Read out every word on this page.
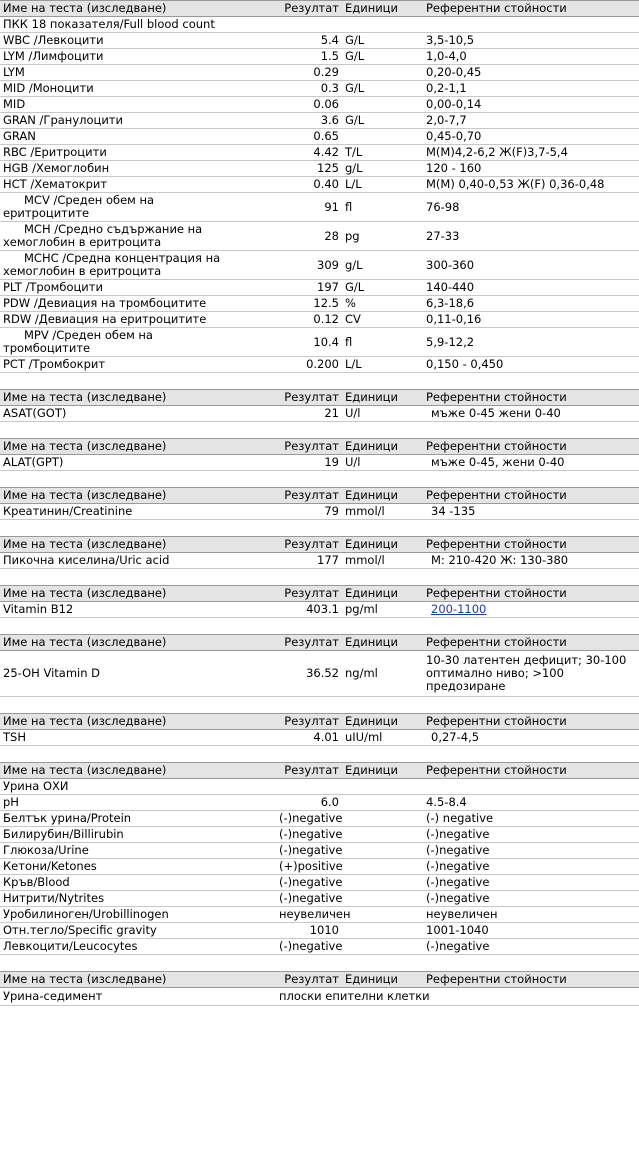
Име на теста (изследване)	Резултат	Единици	Референтни стойности
ПКК 18 показателя/Full blood count			
WBC /Левкоцити	5.4	G/L	3,5-10,5
LYM /Лимфоцити	1.5	G/L	1,0-4,0
LYM	0.29		0,20-0,45
MID /Моноцити	0.3	G/L	0,2-1,1
MID	0.06		0,00-0,14
GRAN /Гранулоцити	3.6	G/L	2,0-7,7
GRAN	0.65		0,45-0,70
RBC /Еритроцити	4.42	T/L	М(M)4,2-6,2 Ж(F)3,7-5,4
HGB /Хемоглобин	125	g/L	120 - 160
HCT /Хематокрит	0.40	L/L	М(M) 0,40-0,53 Ж(F) 0,36-0,48

MCV /Среден обем на
еритроцитите	91	fl	76-98

MCH /Средно съдържание на
хемоглобин в еритроцита	28	pg	27-33

MCHC /Средна концентрация на
хемоглобин в еритроцита	309	g/L	300-360
PLT /Тромбоцити	197	G/L	140-440
PDW /Девиация на тромбоцитите	12.5	%	6,3-18,6
RDW /Девиация на еритроцитите	0.12	CV	0,11-0,16

MPV /Среден обем на
тромбоцитите	10.4	fl	5,9-12,2
PCT /Тромбокрит	0.200	L/L	0,150 - 0,450
Име на теста (изследване)	Резултат	Единици	Референтни стойности
ASAT(GOT)	21	U/l	мъже 0-45 жени 0-40
Име на теста (изследване)	Резултат	Единици	Референтни стойности
ALAT(GPT)	19	U/l	мъже 0-45, жени 0-40
Име на теста (изследване)	Резултат	Единици	Референтни стойности
Креатинин/Creatinine	79	mmol/l	34 -135
Име на теста (изследване)	Резултат	Единици	Референтни стойности
Пикочна киселина/Uric acid	177	mmol/l	М: 210-420 Ж: 130-380
Име на теста (изследване)	Резултат	Единици	Референтни стойности
Vitamin B12	403.1	pg/ml	200-1100
Име на теста (изследване)	Резултат	Единици	Референтни стойности
25-OH Vitamin D	36.52	ng/ml	10-30 латентен дефицит; 30-100 оптимално ниво; >100 предозиране
Име на теста (изследване)	Резултат	Единици	Референтни стойности
TSH	4.01	uIU/ml	0,27-4,5
Име на теста (изследване)	Резултат	Единици	Референтни стойности
Урина ОХИ			
pH	6.0		4.5-8.4
Белтък урина/Protein	(-)negative		(-) negative
Билирубин/Billirubin	(-)negative		(-)negative
Глюкоза/Urine	(-)negative		(-)negative
Кетони/Ketones	(+)positive		(-)negative
Кръв/Blood	(-)negative		(-)negative
Нитрити/Nytrites	(-)negative		(-)negative
Уробилиноген/Urobillinogen	неувеличен		неувеличен
Отн.тегло/Specific gravity	1010		1001-1040
Левкоцити/Leucocytes	(-)negative		(-)negative
Име на теста (изследване)	Резултат	Единици	Референтни стойности
Урина-седимент	плоски епителни клетки		
